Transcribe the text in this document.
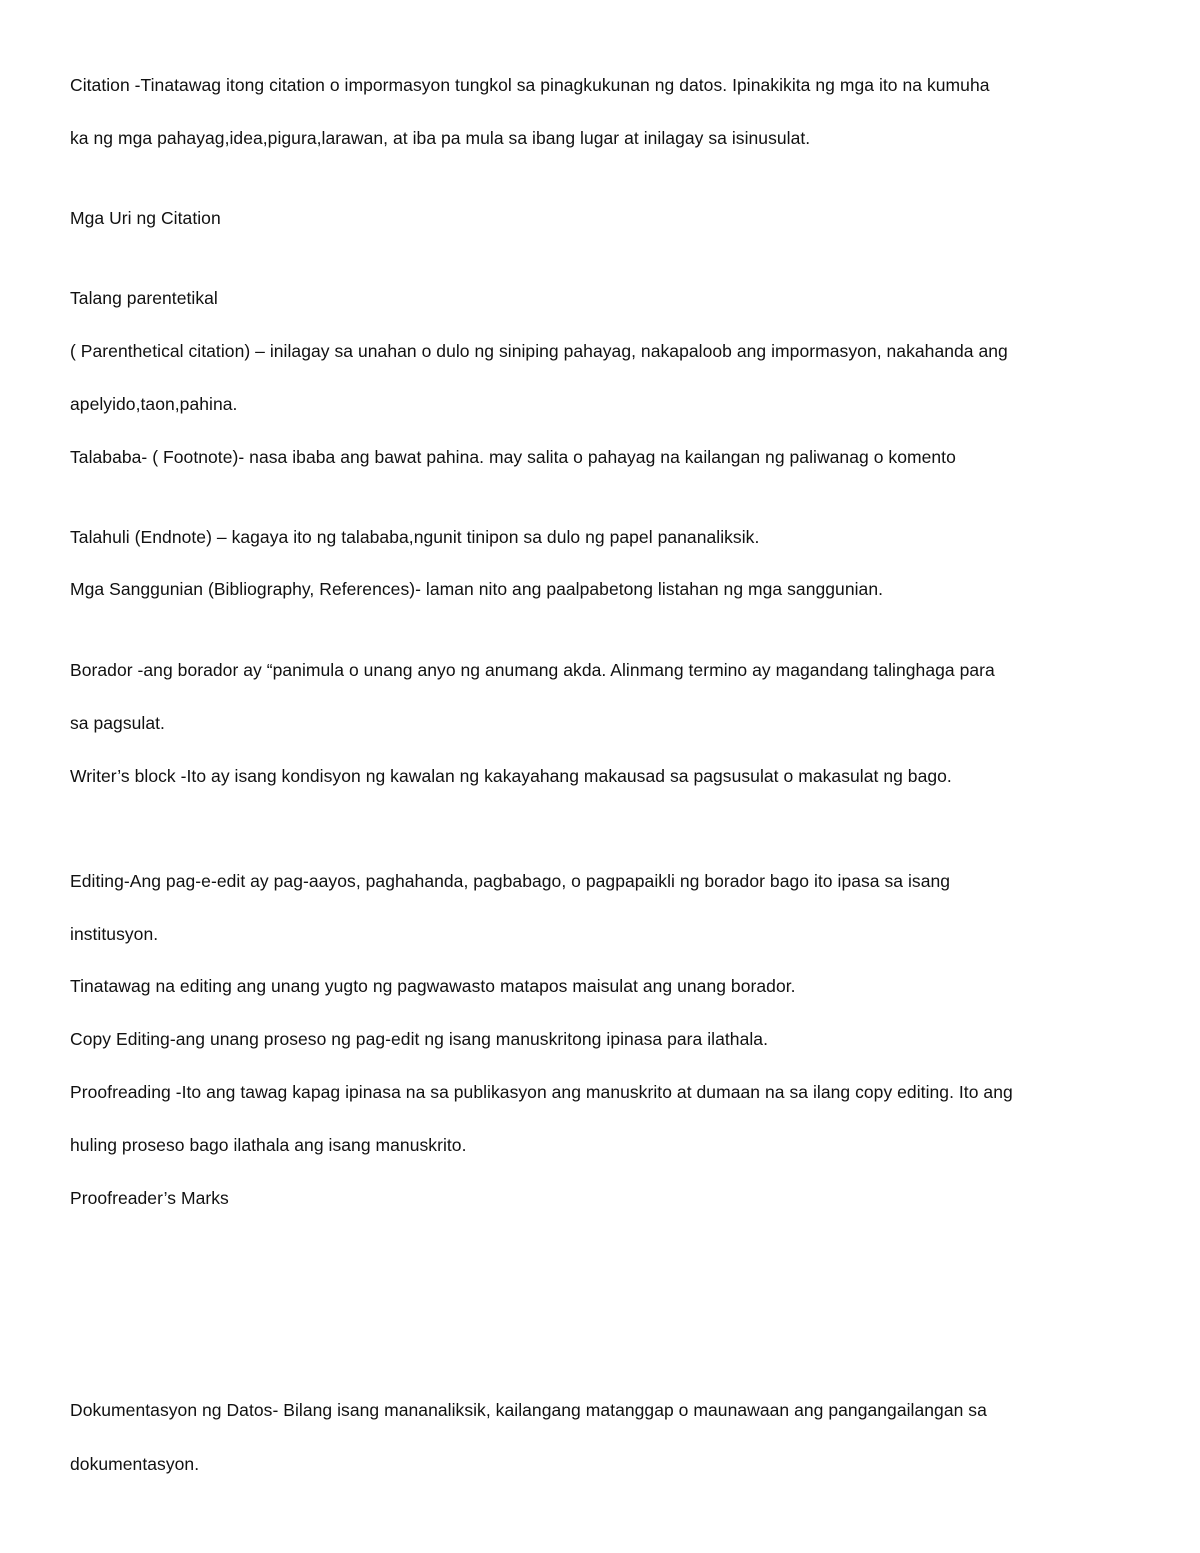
Citation -Tinatawag itong citation o impormasyon tungkol sa pinagkukunan ng datos. Ipinakikita ng mga ito na kumuha
ka ng mga pahayag,idea,pigura,larawan, at iba pa mula sa ibang lugar at inilagay sa isinusulat.
Mga Uri ng Citation
Talang parentetikal
( Parenthetical citation) – inilagay sa unahan o dulo ng siniping pahayag, nakapaloob ang impormasyon, nakahanda ang
apelyido,taon,pahina.
Talababa- ( Footnote)- nasa ibaba ang bawat pahina. may salita o pahayag na kailangan ng paliwanag o komento
Talahuli (Endnote) – kagaya ito ng talababa,ngunit tinipon sa dulo ng papel pananaliksik.
Mga Sanggunian (Bibliography, References)- laman nito ang paalpabetong listahan ng mga sanggunian.
Borador -ang borador ay “panimula o unang anyo ng anumang akda. Alinmang termino ay magandang talinghaga para
sa pagsulat.
Writer’s block -Ito ay isang kondisyon ng kawalan ng kakayahang makausad sa pagsusulat o makasulat ng bago.
Editing-Ang pag-e-edit ay pag-aayos, paghahanda, pagbabago, o pagpapaikli ng borador bago ito ipasa sa isang
institusyon.
Tinatawag na editing ang unang yugto ng pagwawasto matapos maisulat ang unang borador.
Copy Editing-ang unang proseso ng pag-edit ng isang manuskritong ipinasa para ilathala.
Proofreading -Ito ang tawag kapag ipinasa na sa publikasyon ang manuskrito at dumaan na sa ilang copy editing. Ito ang
huling proseso bago ilathala ang isang manuskrito.
Proofreader’s Marks
Dokumentasyon ng Datos- Bilang isang mananaliksik, kailangang matanggap o maunawaan ang pangangailangan sa
dokumentasyon.
